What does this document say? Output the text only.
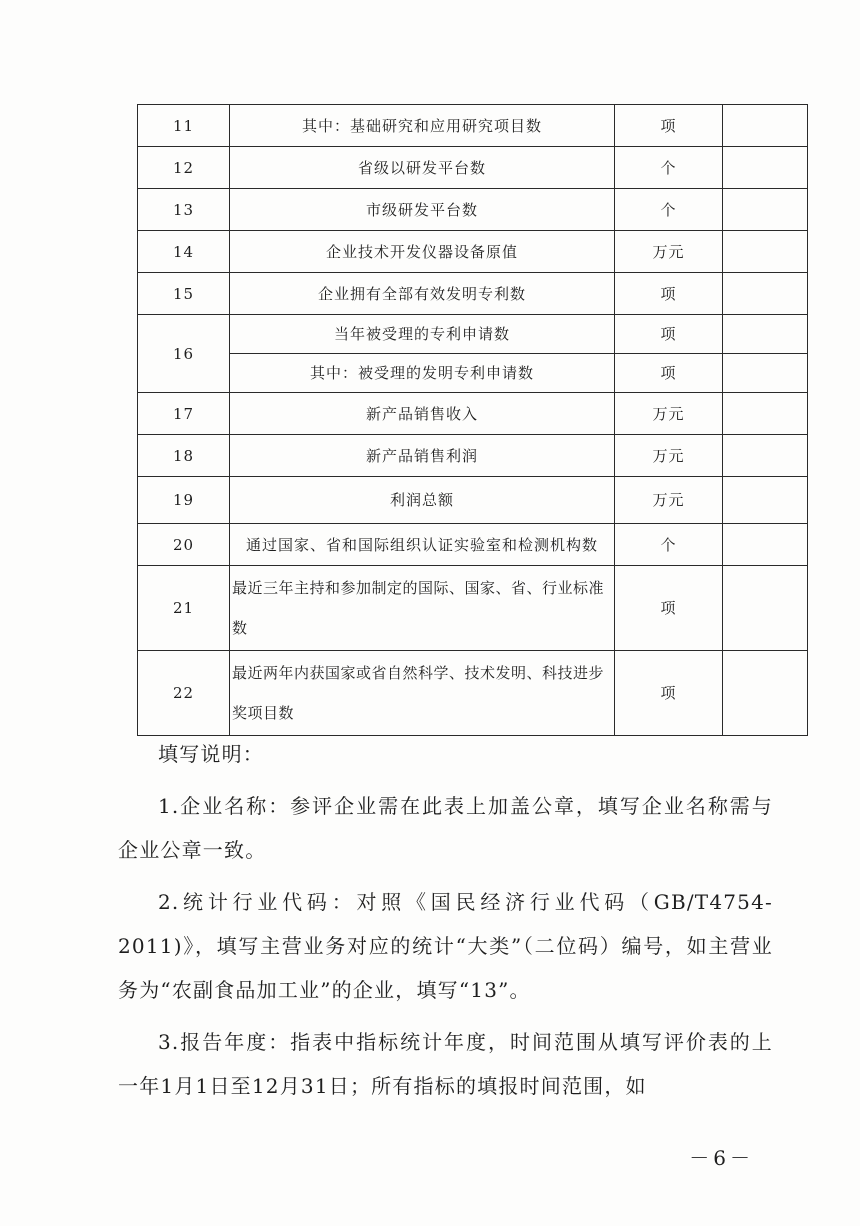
11	其中：基础研究和应用研究项目数	项	
12	省级以研发平台数	个	
13	市级研发平台数	个	
14	企业技术开发仪器设备原值	万元	
15	企业拥有全部有效发明专利数	项	
16	当年被受理的专利申请数	项	
	其中：被受理的发明专利申请数	项	
17	新产品销售收入	万元	
18	新产品销售利润	万元	
19	利润总额	万元	
20	通过国家、省和国际组织认证实验室和检测机构数	个	
21	最近三年主持和参加制定的国际、国家、省、行业标准数	项	
22	最近两年内获国家或省自然科学、技术发明、科技进步奖项目数	项	

填写说明：

1.企业名称：参评企业需在此表上加盖公章，填写企业名称需与企业公章一致。

2.统计行业代码：对照《国民经济行业代码（GB/T4754-2011)》，填写主营业务对应的统计“大类”（二位码）编号，如主营业务为“农副食品加工业”的企业，填写“13”。

3.报告年度：指表中指标统计年度，时间范围从填写评价表的上一年1月1日至12月31日；所有指标的填报时间范围，如

－6－
